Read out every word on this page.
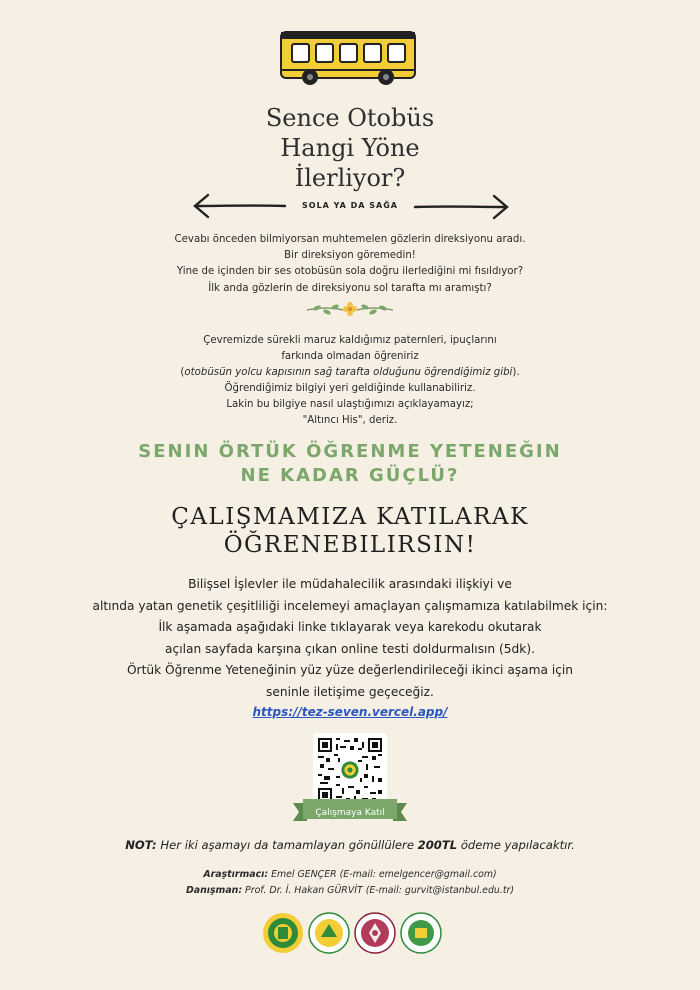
Sence Otobüs
Hangi Yöne
İlerliyor?
SOLA YA DA SAĞA
Cevabı önceden bilmiyorsan muhtemelen gözlerin direksiyonu aradı.
Bir direksiyon göremedin!
Yine de içinden bir ses otobüsün sola doğru ilerlediğini mi fısıldıyor?
İlk anda gözlerin de direksiyonu sol tarafta mı aramıştı?
Çevremizde sürekli maruz kaldığımız paternleri, ipuçlarını
farkında olmadan öğreniriz
(otobüsün yolcu kapısının sağ tarafta olduğunu öğrendiğimiz gibi).
Öğrendiğimiz bilgiyi yeri geldiğinde kullanabiliriz.
Lakin bu bilgiye nasıl ulaştığımızı açıklayamayız;
"Altıncı His", deriz.
SENIN ÖRTÜK ÖĞRENME YETENEĞIN
NE KADAR GÜÇLÜ?
ÇALIŞMAMIZA KATILARAK
ÖĞRENEBILIRSIN!
Bilişsel İşlevler ile müdahalecilik arasındaki ilişkiyi ve
altında yatan genetik çeşitliliği incelemeyi amaçlayan çalışmamıza katılabilmek için:
İlk aşamada aşağıdaki linke tıklayarak veya karekodu okutarak
açılan sayfada karşına çıkan online testi doldurmalısın (5dk).
Örtük Öğrenme Yeteneğinin yüz yüze değerlendirileceği ikinci aşama için
seninle iletişime geçeceğiz.
https://tez-seven.vercel.app/
Çalışmaya Katıl
NOT: Her iki aşamayı da tamamlayan gönüllülere 200TL ödeme yapılacaktır.
Araştırmacı: Emel GENÇER (E-mail: emelgencer@gmail.com)
Danışman: Prof. Dr. İ. Hakan GÜRVİT (E-mail: gurvit@istanbul.edu.tr)
